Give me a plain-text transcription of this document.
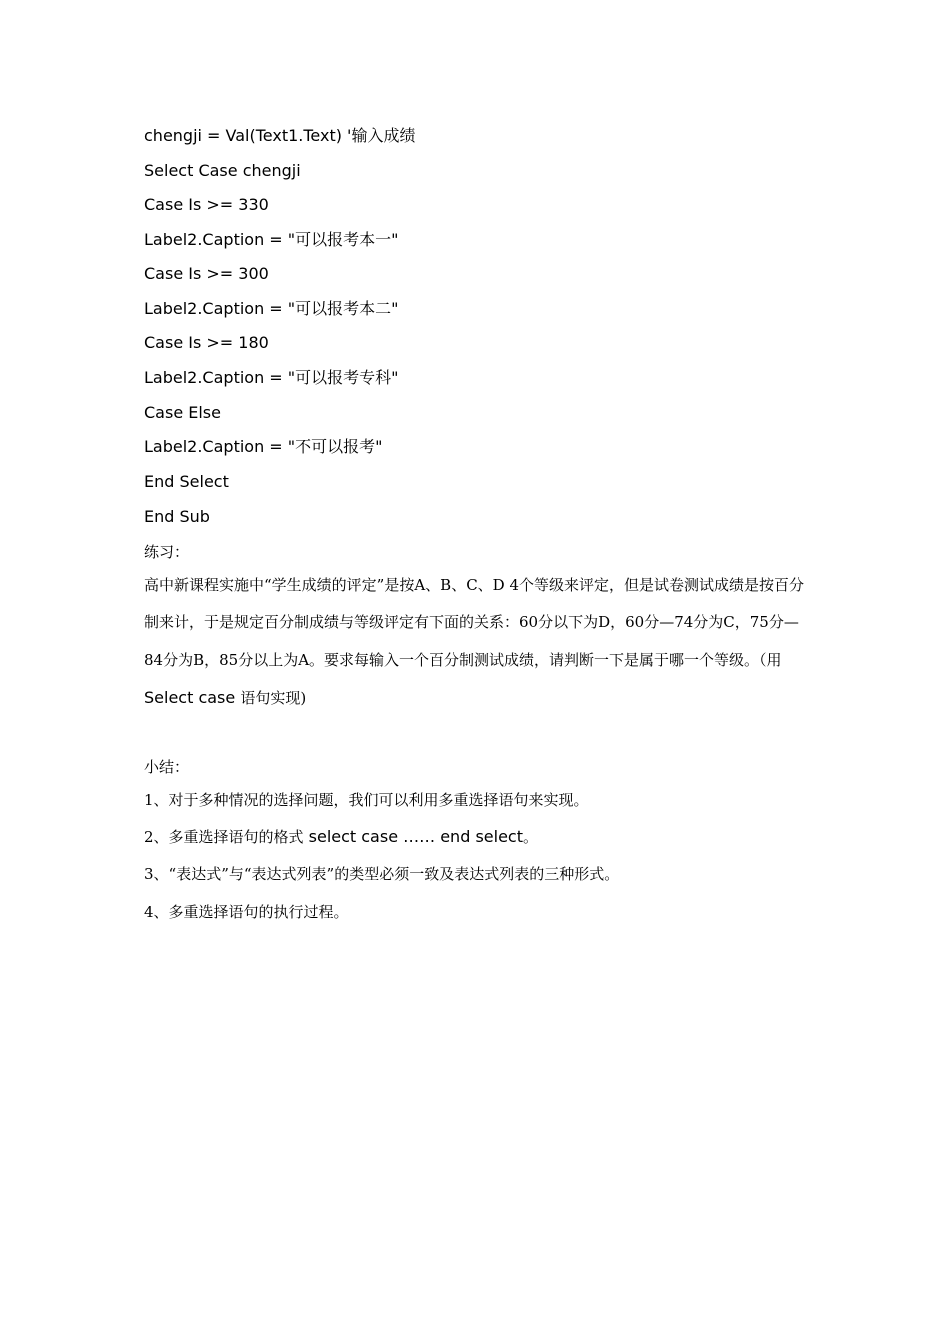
chengji = Val(Text1.Text) '输入成绩
Select Case chengji
Case Is >= 330
Label2.Caption = "可以报考本一"
Case Is >= 300
Label2.Caption = "可以报考本二"
Case Is >= 180
Label2.Caption = "可以报考专科"
Case Else
Label2.Caption = "不可以报考"
End Select
End Sub
练习：
高中新课程实施中“学生成绩的评定”是按A、B、C、D 4个等级来评定，但是试卷测试成绩是按百分制来计，于是规定百分制成绩与等级评定有下面的关系：60分以下为D，60分—74分为C，75分—84分为B，85分以上为A。要求每输入一个百分制测试成绩，请判断一下是属于哪一个等级。（用 Select case 语句实现)
小结：
1、对于多种情况的选择问题，我们可以利用多重选择语句来实现。
2、多重选择语句的格式 select case …… end select。
3、“表达式”与“表达式列表”的类型必须一致及表达式列表的三种形式。
4、多重选择语句的执行过程。
